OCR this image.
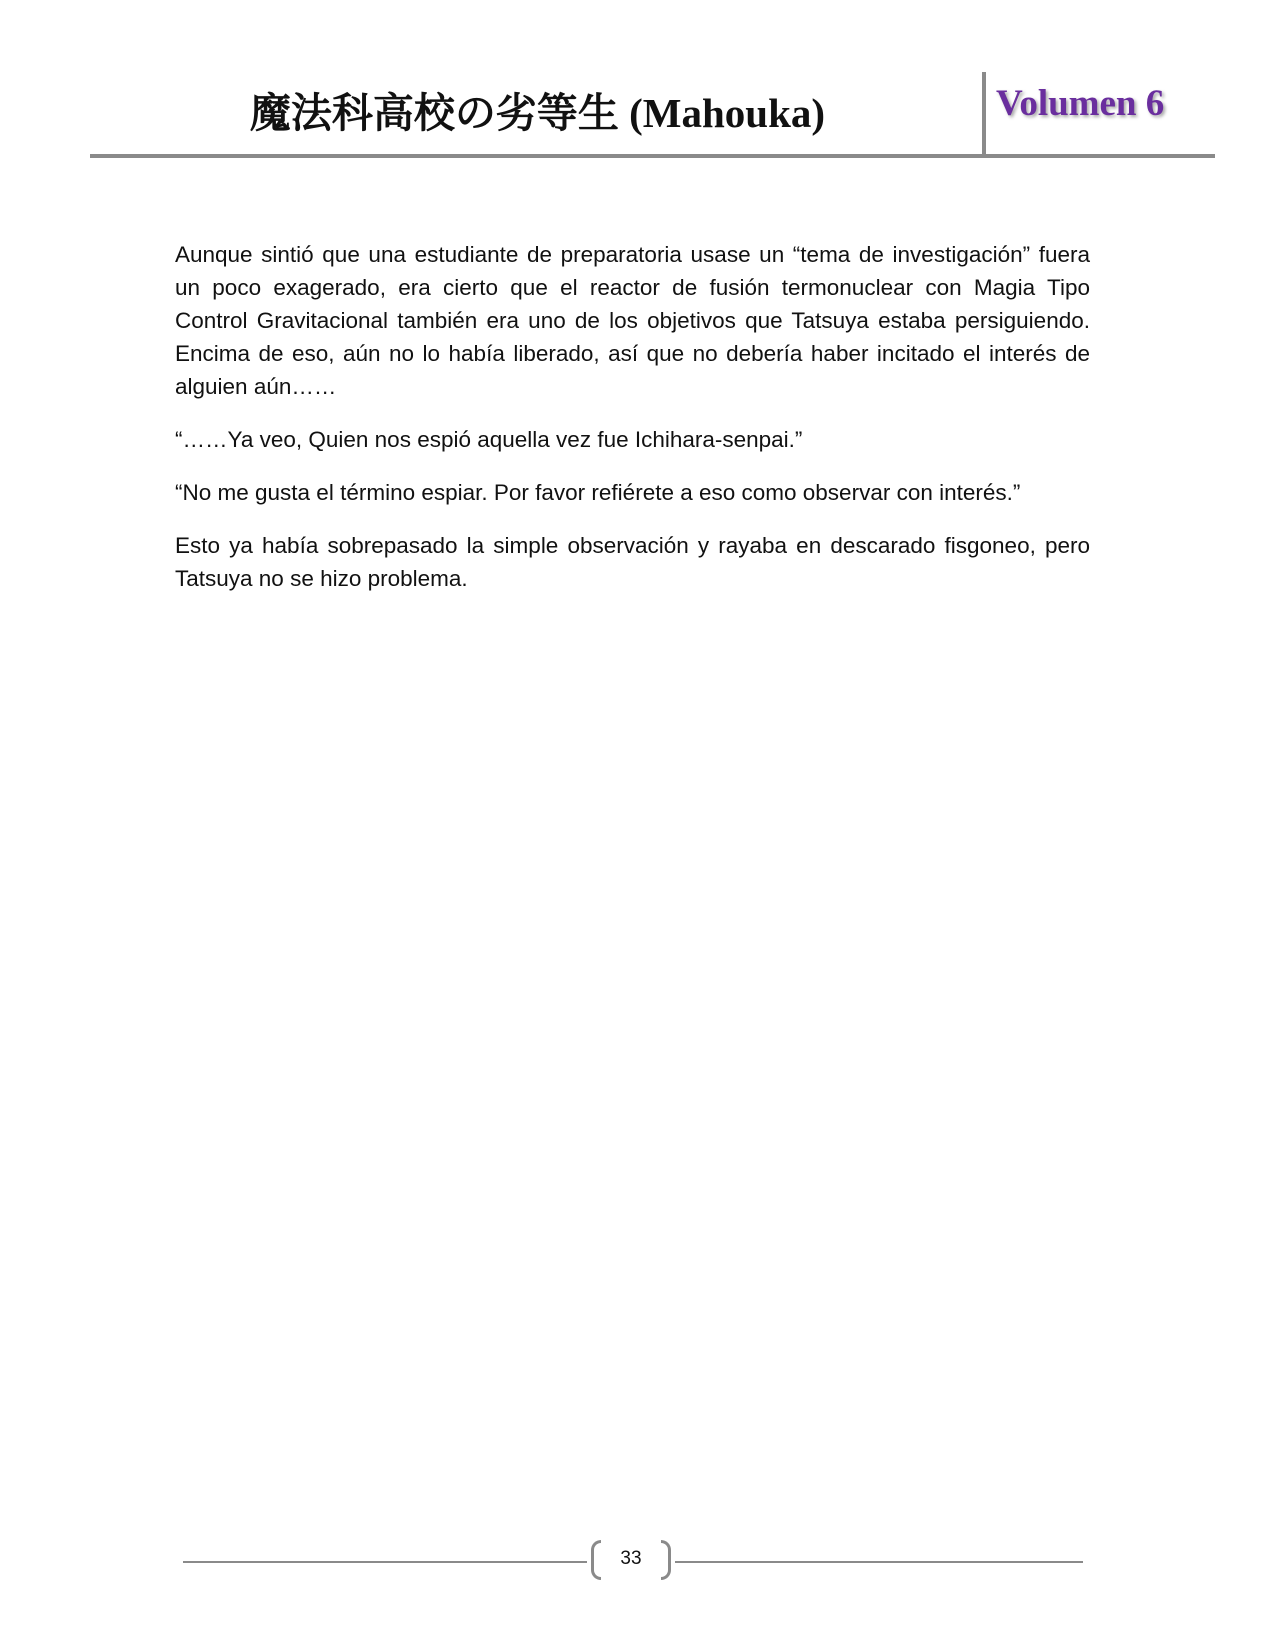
魔法科高校の劣等生 (Mahouka)	Volumen 6

Aunque sintió que una estudiante de preparatoria usase un “tema de investigación” fuera un poco exagerado, era cierto que el reactor de fusión termonuclear con Magia Tipo Control Gravitacional también era uno de los objetivos que Tatsuya estaba persiguiendo. Encima de eso, aún no lo había liberado, así que no debería haber incitado el interés de alguien aún……

“……Ya veo, Quien nos espió aquella vez fue Ichihara-senpai.”

“No me gusta el término espiar. Por favor refiérete a eso como observar con interés.”

Esto ya había sobrepasado la simple observación y rayaba en descarado fisgoneo, pero Tatsuya no se hizo problema.

33
